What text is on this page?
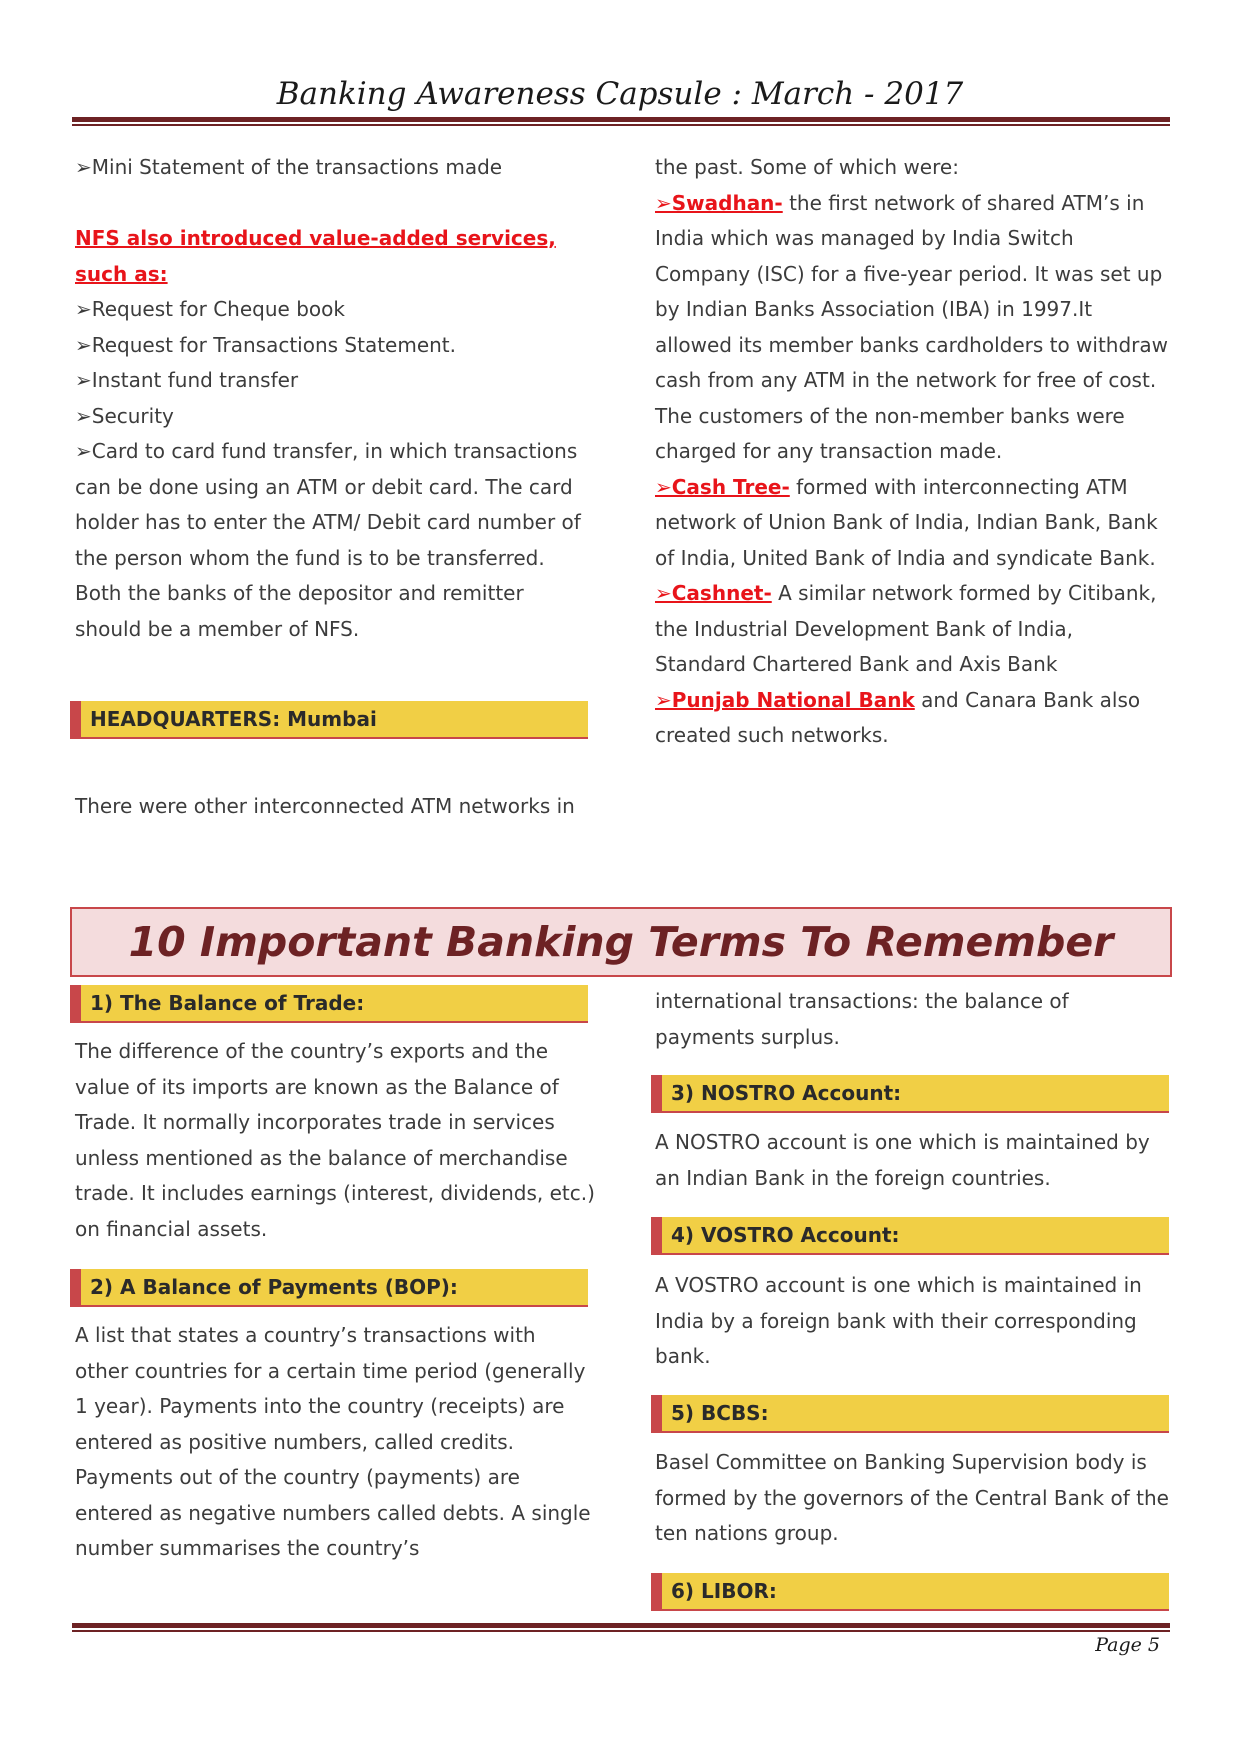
Banking Awareness Capsule : March - 2017
➢Mini Statement of the transactions made
NFS also introduced value-added services, such as:
➢Request for Cheque book
➢Request for Transactions Statement.
➢Instant fund transfer
➢Security
➢Card to card fund transfer, in which transactions can be done using an ATM or debit card. The card holder has to enter the ATM/ Debit card number of the person whom the fund is to be transferred. Both the banks of the depositor and remitter should be a member of NFS.
HEADQUARTERS: Mumbai
There were other interconnected ATM networks in
the past. Some of which were:
➢Swadhan- the first network of shared ATM’s in India which was managed by India Switch Company (ISC) for a five-year period. It was set up by Indian Banks Association (IBA) in 1997.It allowed its member banks cardholders to withdraw cash from any ATM in the network for free of cost. The customers of the non-member banks were charged for any transaction made.
➢Cash Tree- formed with interconnecting ATM network of Union Bank of India, Indian Bank, Bank of India, United Bank of India and syndicate Bank.
➢Cashnet- A similar network formed by Citibank, the Industrial Development Bank of India, Standard Chartered Bank and Axis Bank
➢Punjab National Bank and Canara Bank also created such networks.
10 Important Banking Terms To Remember
1) The Balance of Trade:
The difference of the country’s exports and the value of its imports are known as the Balance of Trade. It normally incorporates trade in services unless mentioned as the balance of merchandise trade. It includes earnings (interest, dividends, etc.) on financial assets.
2) A Balance of Payments (BOP):
A list that states a country’s transactions with other countries for a certain time period (generally 1 year). Payments into the country (receipts) are entered as positive numbers, called credits. Payments out of the country (payments) are entered as negative numbers called debts. A single number summarises the country’s
international transactions: the balance of payments surplus.
3) NOSTRO Account:
A NOSTRO account is one which is maintained by an Indian Bank in the foreign countries.
4) VOSTRO Account:
A VOSTRO account is one which is maintained in India by a foreign bank with their corresponding bank.
5) BCBS:
Basel Committee on Banking Supervision body is formed by the governors of the Central Bank of the ten nations group.
6) LIBOR:
Page 5
